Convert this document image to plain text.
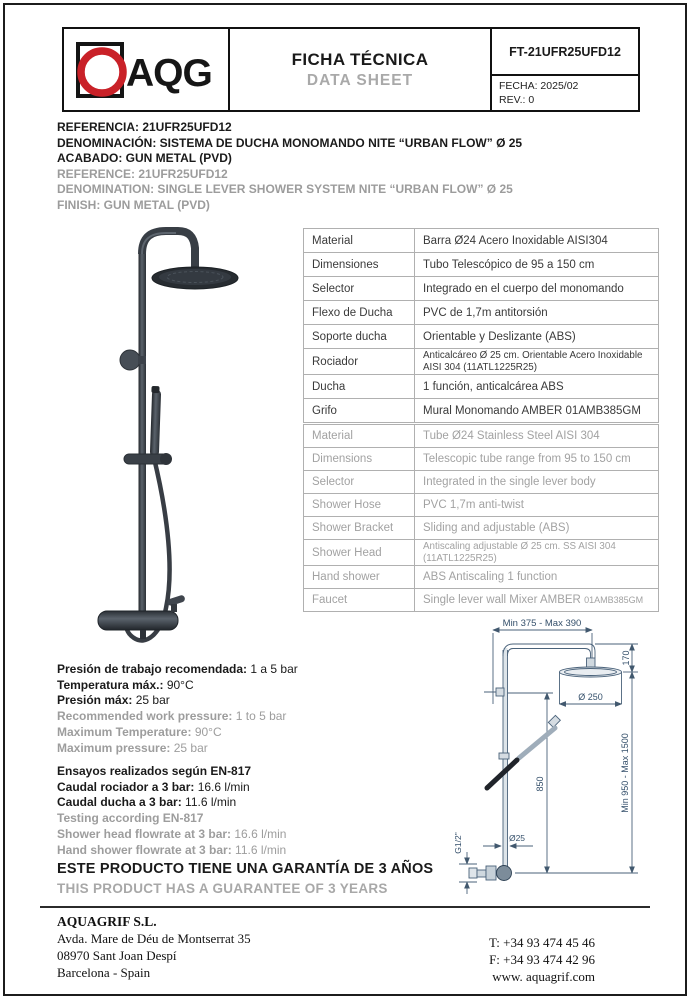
AQG	FICHA TÉCNICA
DATA SHEET
FT-21UFR25UFD12
FECHA: 2025/02
REV.: 0
REFERENCIA: 21UFR25UFD12
DENOMINACIÓN: SISTEMA DE DUCHA MONOMANDO NITE “URBAN FLOW” Ø 25
ACABADO: GUN METAL (PVD)
REFERENCE: 21UFR25UFD12
DENOMINATION: SINGLE LEVER SHOWER SYSTEM NITE “URBAN FLOW” Ø 25
FINISH: GUN METAL (PVD)
Material	Barra Ø24 Acero Inoxidable AISI304
Dimensiones	Tubo Telescópico de 95 a 150 cm
Selector	Integrado en el cuerpo del monomando
Flexo de Ducha	PVC de 1,7m antitorsión
Soporte ducha	Orientable y Deslizante (ABS)
Rociador	Anticalcáreo Ø 25 cm. Orientable Acero Inoxidable AISI 304 (11ATL1225R25)
Ducha	1 función, anticalcárea ABS
Grifo	Mural Monomando AMBER 01AMB385GM
Material	Tube Ø24 Stainless Steel AISI 304
Dimensions	Telescopic tube range from 95 to 150 cm
Selector	Integrated in the single lever body
Shower Hose	PVC 1,7m anti-twist
Shower Bracket	Sliding and adjustable (ABS)
Shower Head	Antiscaling adjustable Ø 25 cm. SS AISI 304 (11ATL1225R25)
Hand shower	ABS Antiscaling 1 function
Faucet	Single lever wall Mixer AMBER 01AMB385GM
Presión de trabajo recomendada: 1 a 5 bar
Temperatura máx.: 90°C
Presión máx: 25 bar
Recommended work pressure: 1 to 5 bar
Maximum Temperature: 90°C
Maximum pressure: 25 bar
Ensayos realizados según EN-817
Caudal rociador a 3 bar: 16.6 l/min
Caudal ducha a 3 bar: 11.6 l/min
Testing according EN-817
Shower head flowrate at 3 bar: 16.6 l/min
Hand shower flowrate at 3 bar: 11.6 l/min
ESTE PRODUCTO TIENE UNA GARANTÍA DE 3 AÑOS
THIS PRODUCT HAS A GUARANTEE OF 3 YEARS
Min 375 - Max 390
170
Min 950 - Max 1500
850
Ø 250
Ø25
G1/2"
AQUAGRIF S.L.
Avda. Mare de Déu de Montserrat 35
08970 Sant Joan Despí
Barcelona - Spain
T: +34 93 474 45 46
F: +34 93 474 42 96
www. aquagrif.com
